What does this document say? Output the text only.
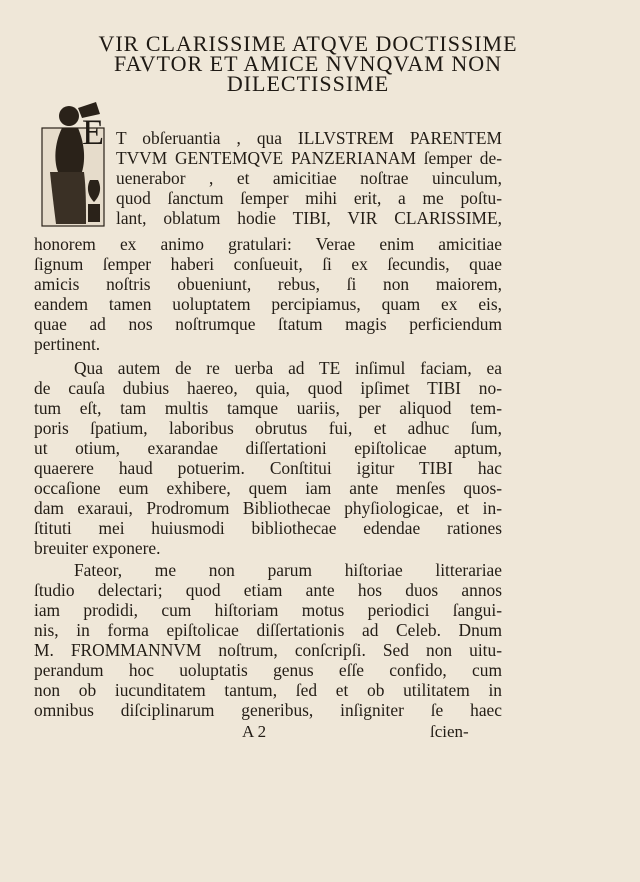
VIR CLARISSIME ATQVE DOCTISSIME
FAVTOR ET AMICE NVNQVAM NON
DILECTISSIME
E T obſeruantia , qua ILLVSTREM PARENTEM
TVVM GENTEMQVE PANZERIANAM ſemper de-
uenerabor , et amicitiae noſtrae uinculum,
quod ſanctum ſemper mihi erit, a me poſtu-
lant, oblatum hodie TIBI, VIR CLARISSIME,
honorem ex animo gratulari: Verae enim amicitiae
ſignum ſemper haberi conſueuit, ſi ex ſecundis, quae
amicis noſtris obueniunt, rebus, ſi non maiorem,
eandem tamen uoluptatem percipiamus, quam ex eis,
quae ad nos noſtrumque ſtatum magis perficiendum
pertinent.
Qua autem de re uerba ad TE inſimul faciam, ea
de cauſa dubius haereo, quia, quod ipſimet TIBI no-
tum eſt, tam multis tamque uariis, per aliquod tem-
poris ſpatium, laboribus obrutus fui, et adhuc ſum,
ut otium, exarandae diſſertationi epiſtolicae aptum,
quaerere haud potuerim. Conſtitui igitur TIBI hac
occaſione eum exhibere, quem iam ante menſes quos-
dam exaraui, Prodromum Bibliothecae phyſiologicae, et in-
ſtituti mei huiusmodi bibliothecae edendae rationes
breuiter exponere.
Fateor, me non parum hiſtoriae litterariae
ſtudio delectari; quod etiam ante hos duos annos
iam prodidi, cum hiſtoriam motus periodici ſangui-
nis, in forma epiſtolicae diſſertationis ad Celeb. Dnum
M. FROMMANNVM noſtrum, conſcripſi. Sed non uitu-
perandum hoc uoluptatis genus eſſe confido, cum
non ob iucunditatem tantum, ſed et ob utilitatem in
omnibus diſciplinarum generibus, inſigniter ſe haec
A 2	ſcien-
